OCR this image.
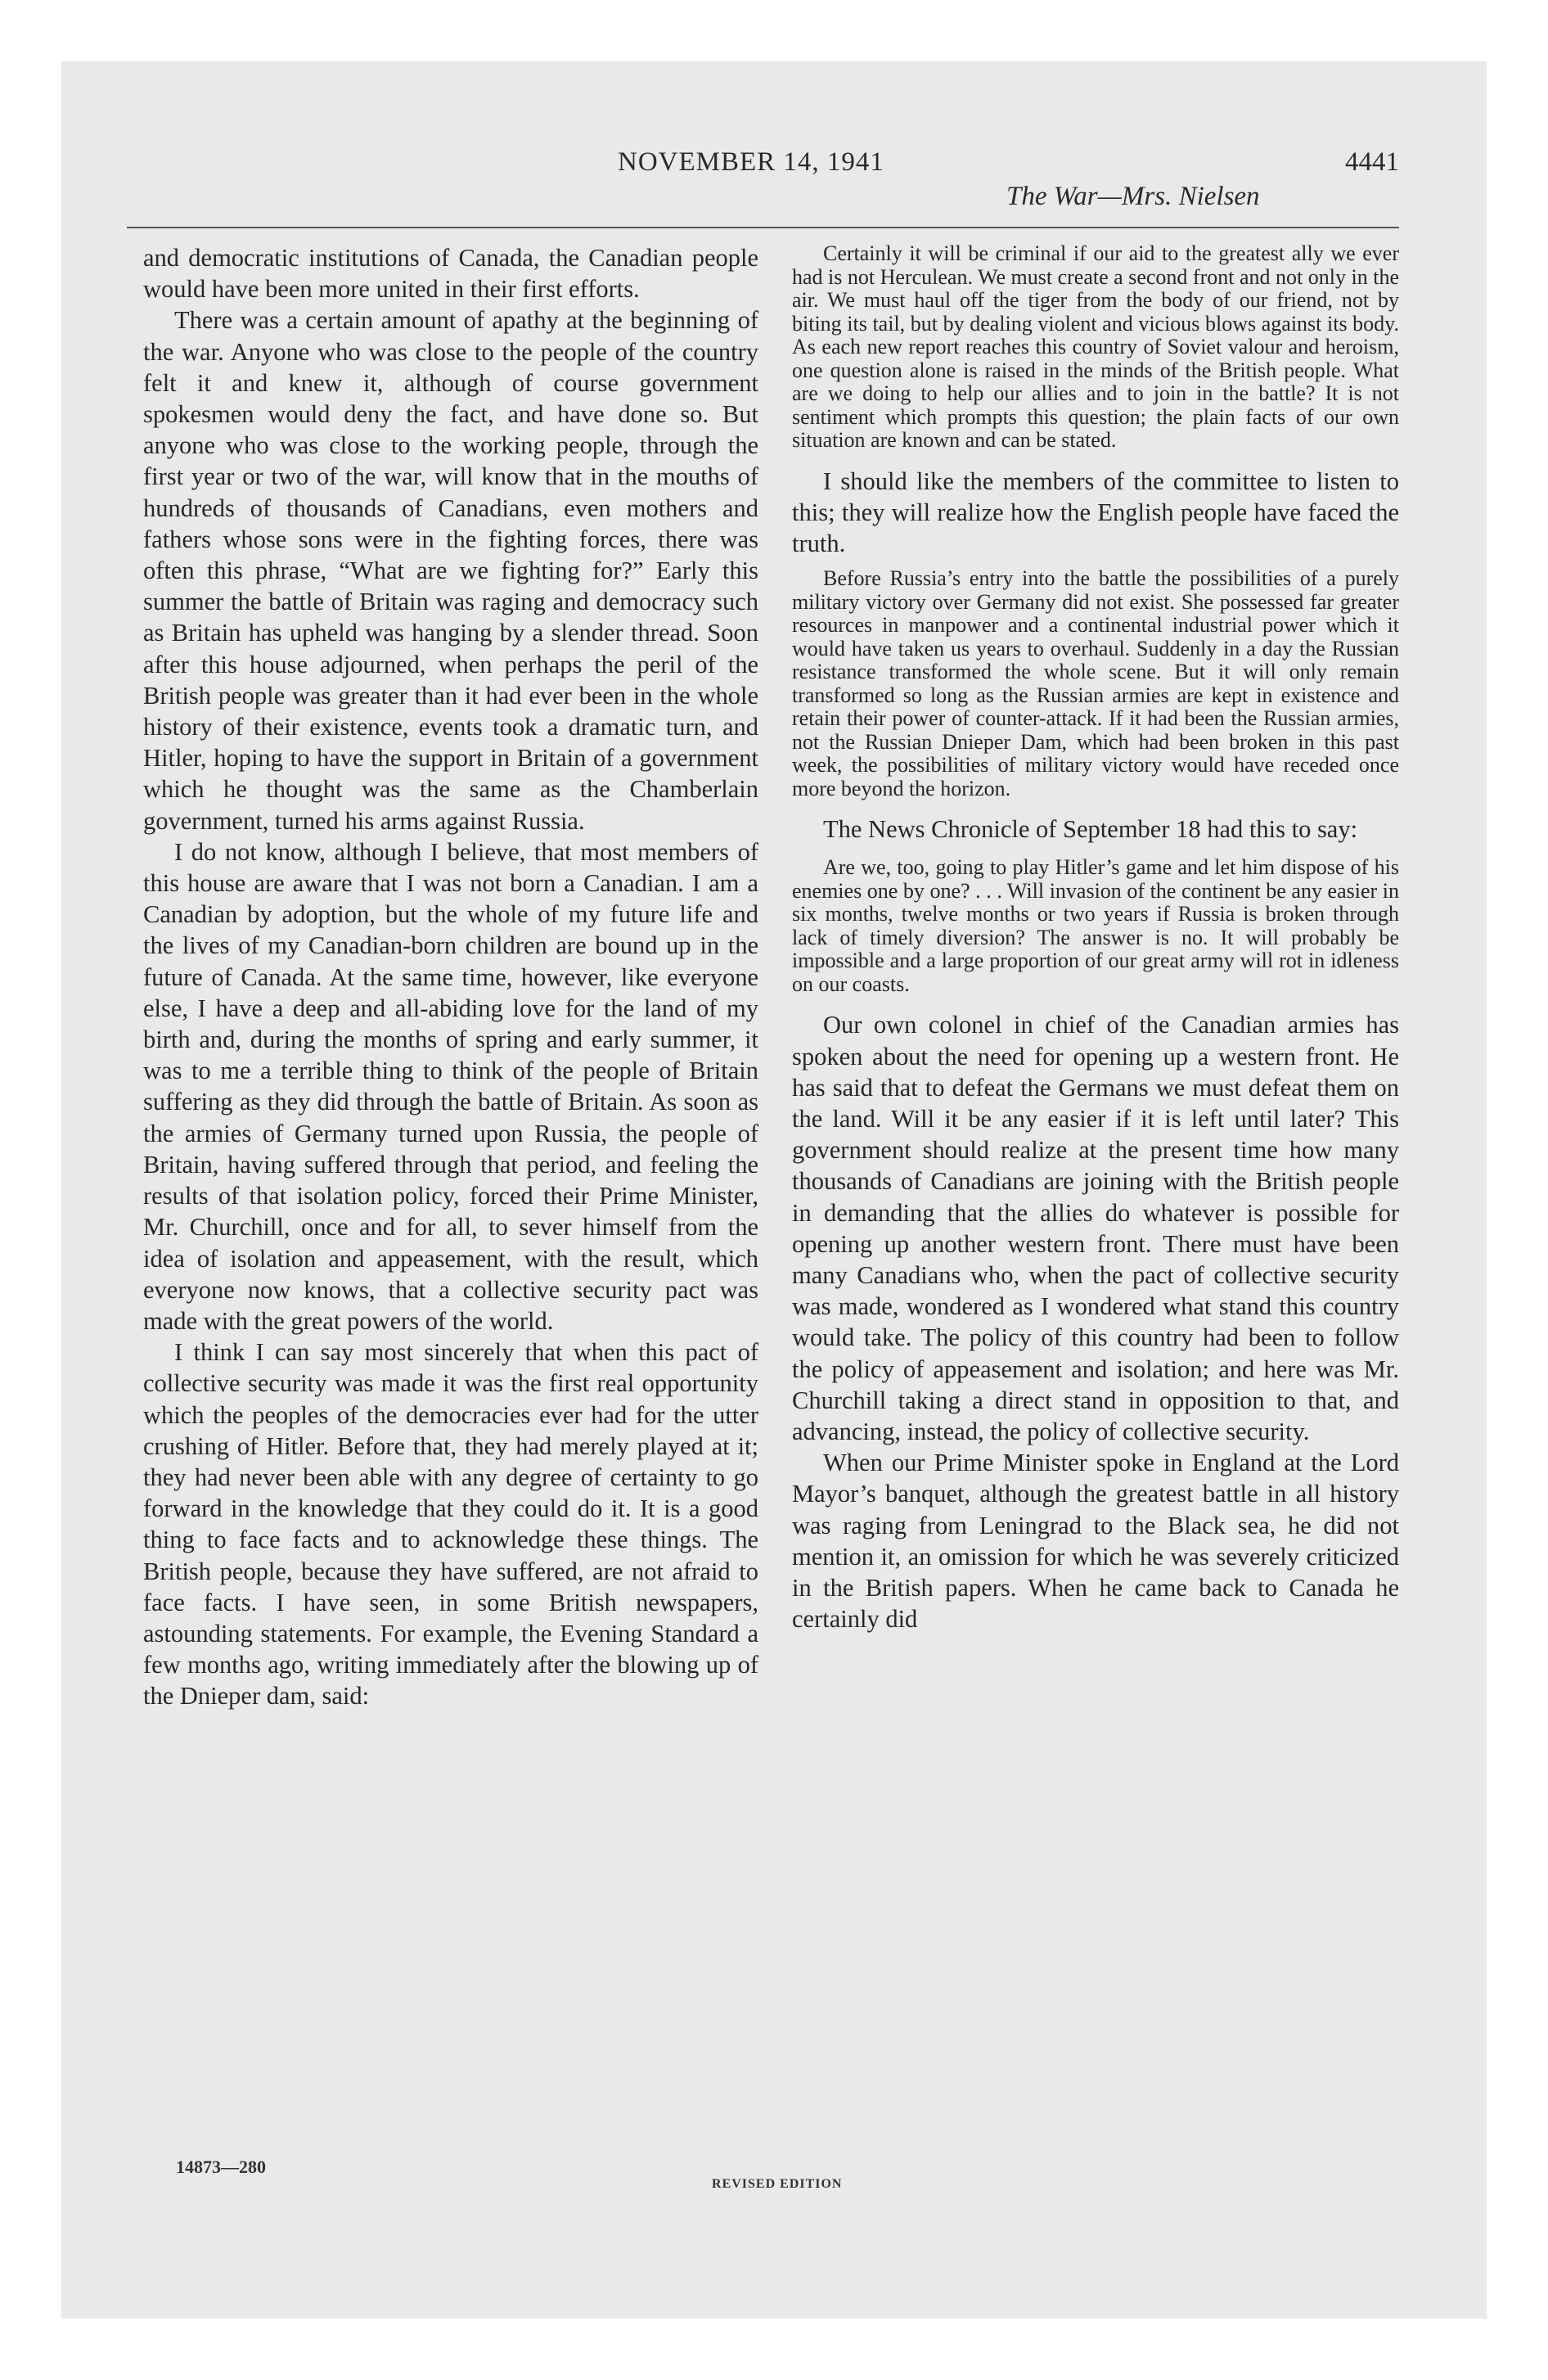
NOVEMBER 14, 1941	4441
The War—Mrs. Nielsen

and democratic institutions of Canada, the Canadian people would have been more united in their first efforts.

There was a certain amount of apathy at the beginning of the war. Anyone who was close to the people of the country felt it and knew it, although of course government spokesmen would deny the fact, and have done so. But anyone who was close to the working people, through the first year or two of the war, will know that in the mouths of hundreds of thousands of Canadians, even mothers and fathers whose sons were in the fighting forces, there was often this phrase, “What are we fighting for?” Early this summer the battle of Britain was raging and democracy such as Britain has upheld was hanging by a slender thread. Soon after this house adjourned, when perhaps the peril of the British people was greater than it had ever been in the whole history of their existence, events took a dramatic turn, and Hitler, hoping to have the support in Britain of a government which he thought was the same as the Chamberlain government, turned his arms against Russia.

I do not know, although I believe, that most members of this house are aware that I was not born a Canadian. I am a Canadian by adoption, but the whole of my future life and the lives of my Canadian-born children are bound up in the future of Canada. At the same time, however, like everyone else, I have a deep and all-abiding love for the land of my birth and, during the months of spring and early summer, it was to me a terrible thing to think of the people of Britain suffering as they did through the battle of Britain. As soon as the armies of Germany turned upon Russia, the people of Britain, having suffered through that period, and feeling the results of that isolation policy, forced their Prime Minister, Mr. Churchill, once and for all, to sever himself from the idea of isolation and appeasement, with the result, which everyone now knows, that a collective security pact was made with the great powers of the world.

I think I can say most sincerely that when this pact of collective security was made it was the first real opportunity which the peoples of the democracies ever had for the utter crushing of Hitler. Before that, they had merely played at it; they had never been able with any degree of certainty to go forward in the knowledge that they could do it. It is a good thing to face facts and to acknowledge these things. The British people, because they have suffered, are not afraid to face facts. I have seen, in some British newspapers, astounding statements. For example, the Evening Standard a few months ago, writing immediately after the blowing up of the Dnieper dam, said:

Certainly it will be criminal if our aid to the greatest ally we ever had is not Herculean. We must create a second front and not only in the air. We must haul off the tiger from the body of our friend, not by biting its tail, but by dealing violent and vicious blows against its body. As each new report reaches this country of Soviet valour and heroism, one question alone is raised in the minds of the British people. What are we doing to help our allies and to join in the battle? It is not sentiment which prompts this question; the plain facts of our own situation are known and can be stated.

I should like the members of the committee to listen to this; they will realize how the English people have faced the truth.

Before Russia’s entry into the battle the possibilities of a purely military victory over Germany did not exist. She possessed far greater resources in manpower and a continental industrial power which it would have taken us years to overhaul. Suddenly in a day the Russian resistance transformed the whole scene. But it will only remain transformed so long as the Russian armies are kept in existence and retain their power of counter-attack. If it had been the Russian armies, not the Russian Dnieper Dam, which had been broken in this past week, the possibilities of military victory would have receded once more beyond the horizon.

The News Chronicle of September 18 had this to say:

Are we, too, going to play Hitler’s game and let him dispose of his enemies one by one? . . . Will invasion of the continent be any easier in six months, twelve months or two years if Russia is broken through lack of timely diversion? The answer is no. It will probably be impossible and a large proportion of our great army will rot in idleness on our coasts.

Our own colonel in chief of the Canadian armies has spoken about the need for opening up a western front. He has said that to defeat the Germans we must defeat them on the land. Will it be any easier if it is left until later? This government should realize at the present time how many thousands of Canadians are joining with the British people in demanding that the allies do whatever is possible for opening up another western front. There must have been many Canadians who, when the pact of collective security was made, wondered as I wondered what stand this country would take. The policy of this country had been to follow the policy of appeasement and isolation; and here was Mr. Churchill taking a direct stand in opposition to that, and advancing, instead, the policy of collective security.

When our Prime Minister spoke in England at the Lord Mayor’s banquet, although the greatest battle in all history was raging from Leningrad to the Black sea, he did not mention it, an omission for which he was severely criticized in the British papers. When he came back to Canada he certainly did

14873—280
REVISED EDITION
